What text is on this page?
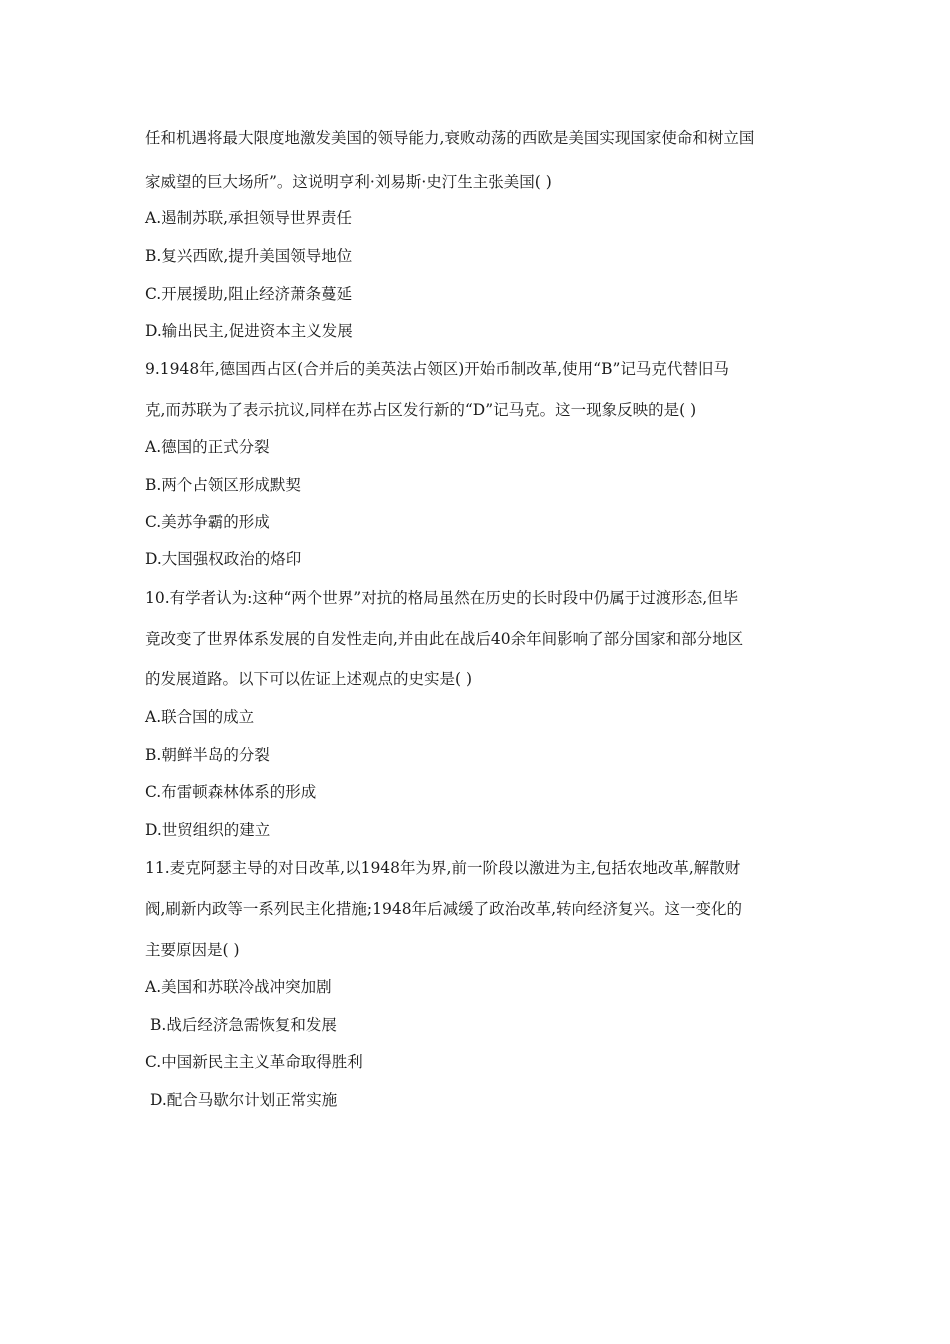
任和机遇将最大限度地激发美国的领导能力,衰败动荡的西欧是美国实现国家使命和树立国
家威望的巨大场所”。这说明亨利·刘易斯·史汀生主张美国( )
A.遏制苏联,承担领导世界责任
B.复兴西欧,提升美国领导地位
C.开展援助,阻止经济萧条蔓延
D.输出民主,促进资本主义发展
9.1948年,德国西占区(合并后的美英法占领区)开始币制改革,使用“B”记马克代替旧马
克,而苏联为了表示抗议,同样在苏占区发行新的“D”记马克。这一现象反映的是( )
A.德国的正式分裂
B.两个占领区形成默契
C.美苏争霸的形成
D.大国强权政治的烙印
10.有学者认为:这种“两个世界”对抗的格局虽然在历史的长时段中仍属于过渡形态,但毕
竟改变了世界体系发展的自发性走向,并由此在战后40余年间影响了部分国家和部分地区
的发展道路。以下可以佐证上述观点的史实是( )
A.联合国的成立
B.朝鲜半岛的分裂
C.布雷顿森林体系的形成
D.世贸组织的建立
11.麦克阿瑟主导的对日改革,以1948年为界,前一阶段以激进为主,包括农地改革,解散财
阀,刷新内政等一系列民主化措施;1948年后减缓了政治改革,转向经济复兴。这一变化的
主要原因是( )
A.美国和苏联冷战冲突加剧
B.战后经济急需恢复和发展
C.中国新民主主义革命取得胜利
D.配合马歇尔计划正常实施
